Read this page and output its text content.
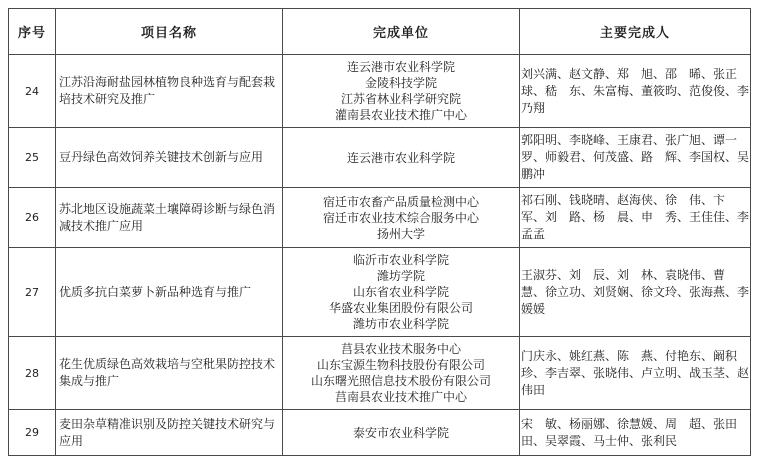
序号	项目名称	完成单位	主要完成人
24	江苏沿海耐盐园林植物良种选育与配套栽培技术研究及推广	连云港市农业科学院
金陵科技学院
江苏省林业科学研究院
灌南县农业技术推广中心	刘兴满、赵文静、郑　旭、邵　晞、张正球、嵇　东、朱富梅、董筱昀、范俊俊、李乃翔
25	豆丹绿色高效饲养关键技术创新与应用	连云港市农业科学院	郭阳明、李晓峰、王康君、张广旭、谭一罗、师毅君、何茂盛、路　辉、李国权、吴鹏冲
26	苏北地区设施蔬菜土壤障碍诊断与绿色消减技术推广应用	宿迁市农畜产品质量检测中心
宿迁市农业技术综合服务中心
扬州大学	祁石刚、钱晓晴、赵海侠、徐　伟、卞　军、刘　路、杨　晨、申　秀、王佳佳、李孟孟
27	优质多抗白菜萝卜新品种选育与推广	临沂市农业科学院
潍坊学院
山东省农业科学院
华盛农业集团股份有限公司
潍坊市农业科学院	王淑芬、刘　辰、刘　林、袁晓伟、曹　慧、徐立功、刘贤娴、徐文玲、张海燕、李媛媛
28	花生优质绿色高效栽培与空秕果防控技术集成与推广	莒县农业技术服务中心
山东宝源生物科技股份有限公司
山东曙光照信息技术股份有限公司
莒南县农业技术推广中心	门庆永、姚红燕、陈　燕、付艳东、阚积珍、李吉翠、张晓伟、卢立明、战玉茎、赵伟田
29	麦田杂草精准识别及防控关键技术研究与应用	泰安市农业科学院	宋　敏、杨丽娜、徐慧媛、周　超、张田田、吴翠霞、马士仲、张利民
